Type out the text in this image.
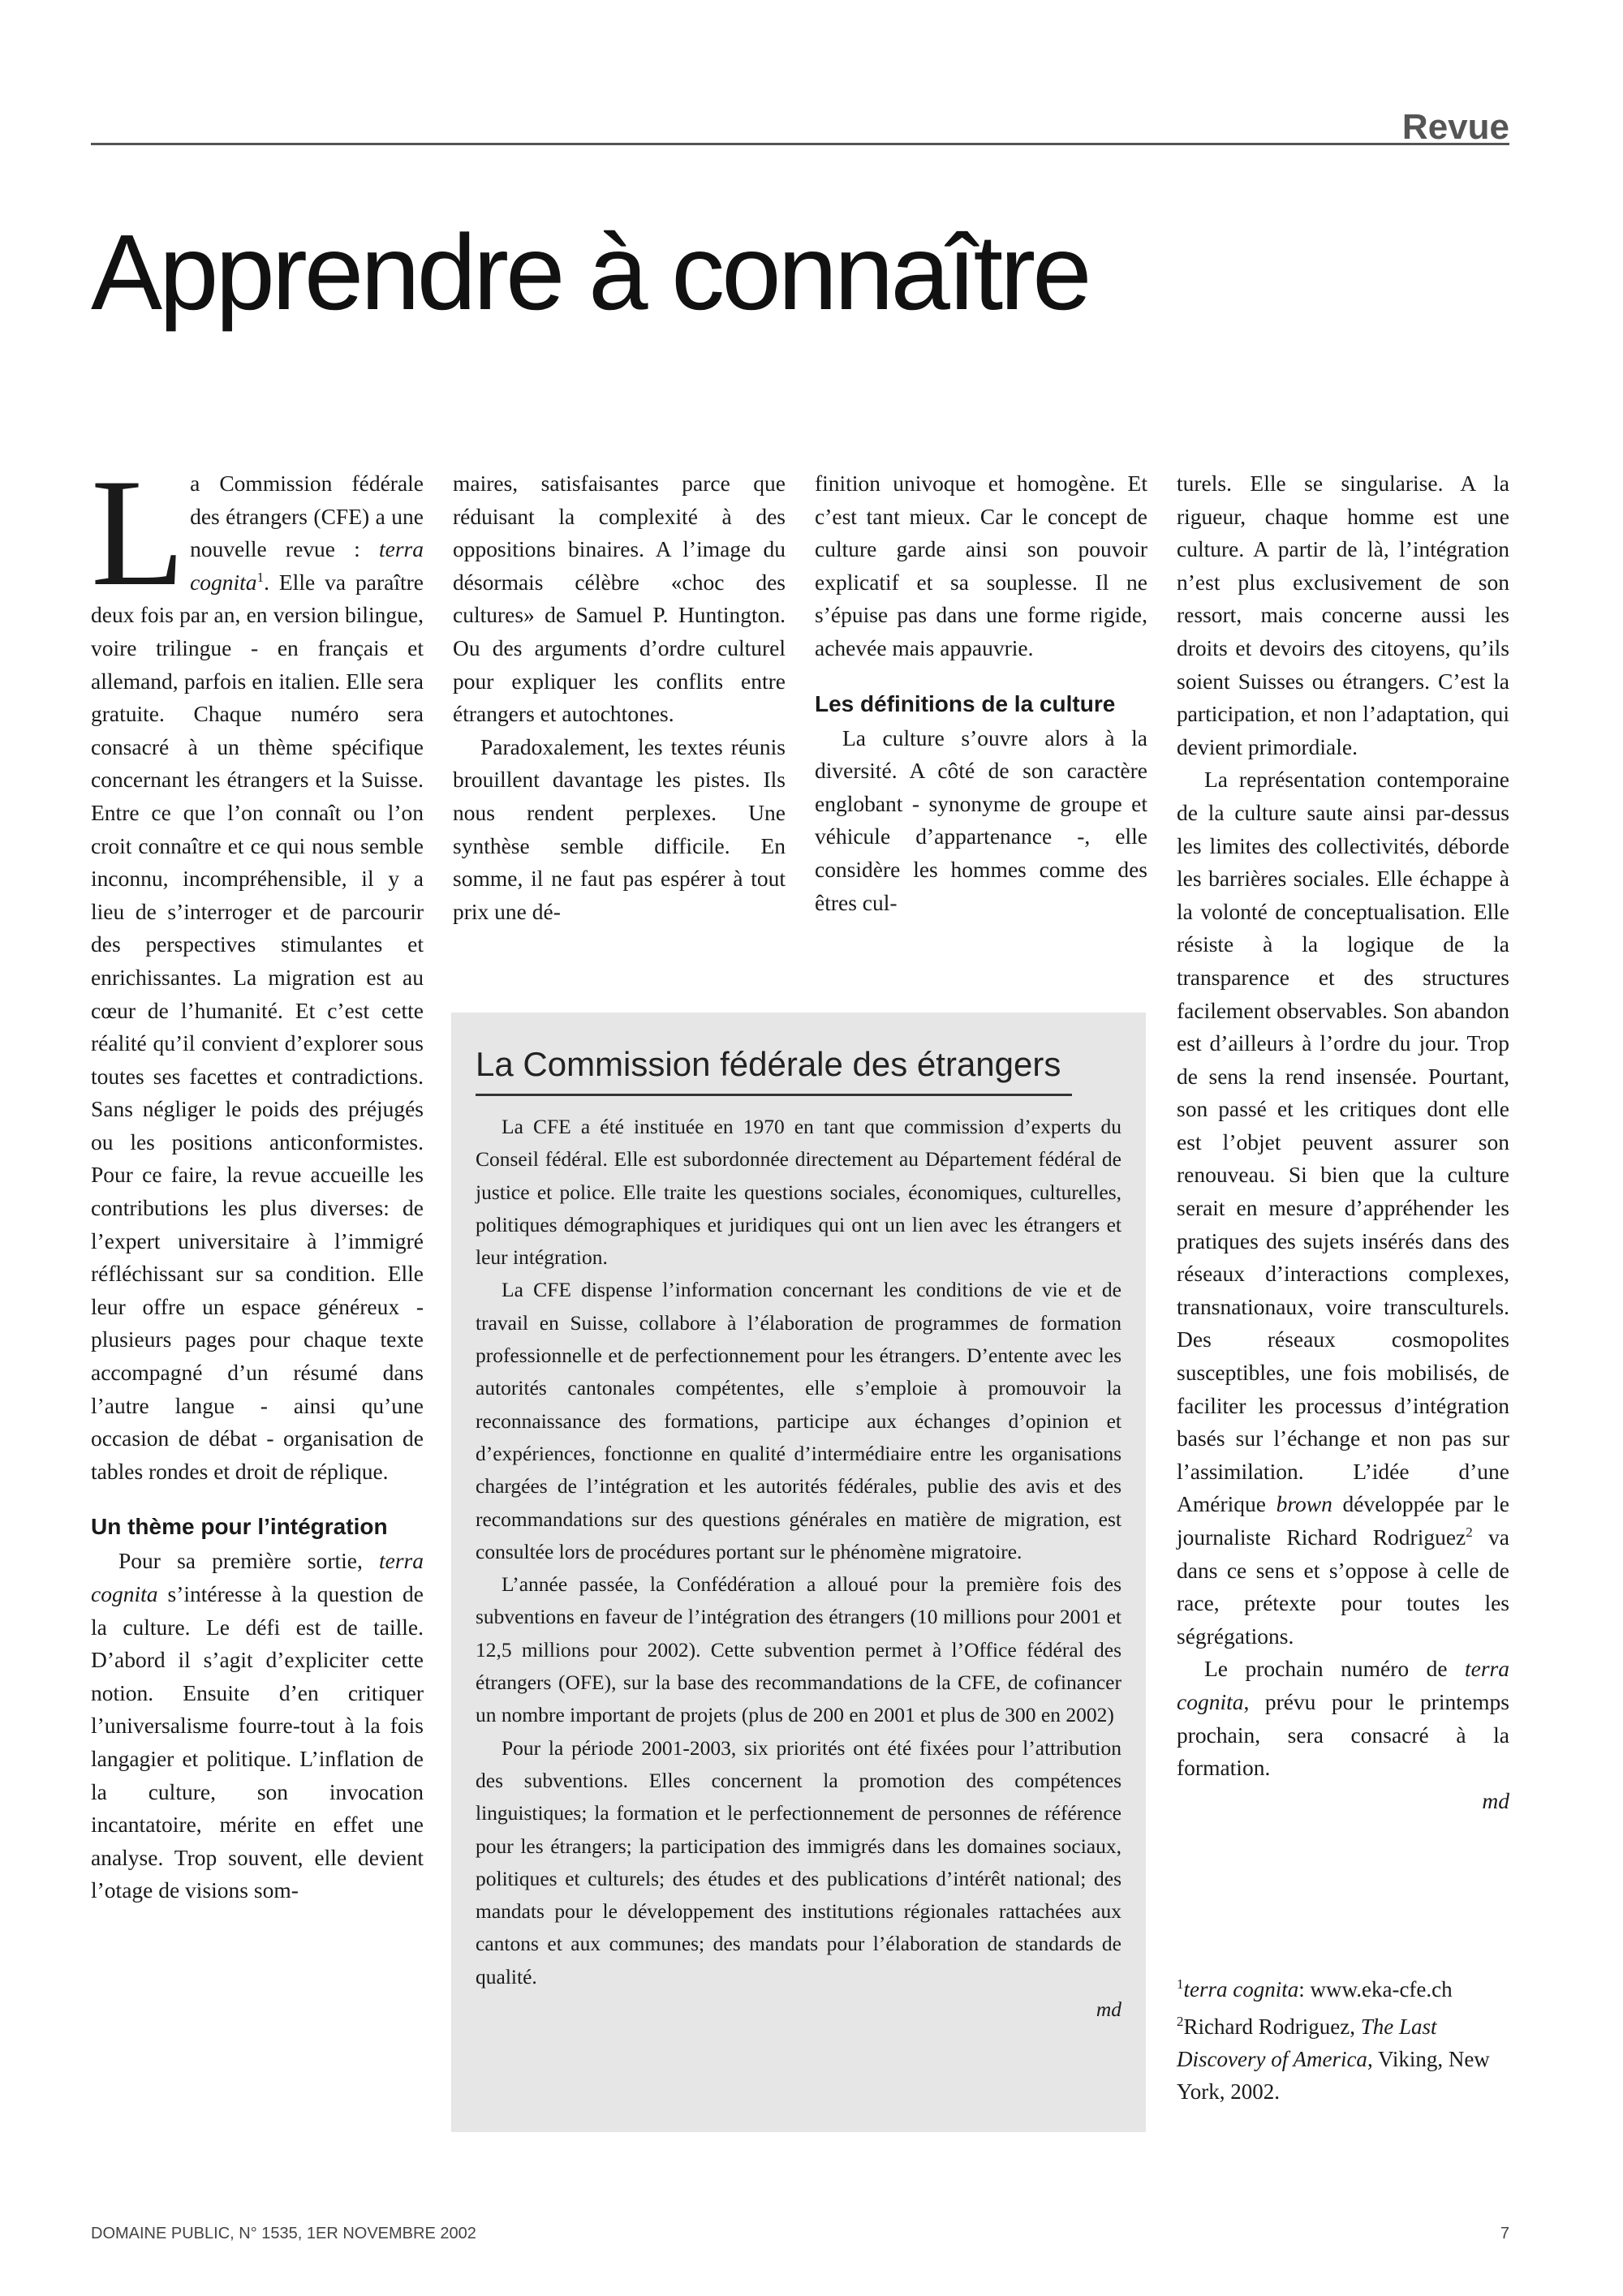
Revue
Apprendre à connaître

La Commission fédérale des étrangers (CFE) a une nouvelle revue : terra cognita$^1$. Elle va paraître deux fois par an, en version bilingue, voire trilingue - en français et allemand, parfois en italien. Elle sera gratuite. Chaque numéro sera consacré à un thème spécifique concernant les étrangers et la Suisse. Entre ce que l’on connaît ou l’on croit connaître et ce qui nous semble inconnu, incompréhensible, il y a lieu de s’interroger et de parcourir des perspectives stimulantes et enrichissantes. La migration est au cœur de l’humanité. Et c’est cette réalité qu’il convient d’explorer sous toutes ses facettes et contradictions. Sans négliger le poids des préjugés ou les positions anticonformistes. Pour ce faire, la revue accueille les contributions les plus diverses: de l’expert universitaire à l’immigré réfléchissant sur sa condition. Elle leur offre un espace généreux - plusieurs pages pour chaque texte accompagné d’un résumé dans l’autre langue - ainsi qu’une occasion de débat - organisation de tables rondes et droit de réplique.

Un thème pour l’intégration

Pour sa première sortie, terra cognita s’intéresse à la question de la culture. Le défi est de taille. D’abord il s’agit d’expliciter cette notion. Ensuite d’en critiquer l’universalisme fourre-tout à la fois langagier et politique. L’inflation de la culture, son invocation incantatoire, mérite en effet une analyse. Trop souvent, elle devient l’otage de visions som-

maires, satisfaisantes parce que réduisant la complexité à des oppositions binaires. A l’image du désormais célèbre «choc des cultures» de Samuel P. Huntington. Ou des arguments d’ordre culturel pour expliquer les conflits entre étrangers et autochtones.

Paradoxalement, les textes réunis brouillent davantage les pistes. Ils nous rendent perplexes. Une synthèse semble difficile. En somme, il ne faut pas espérer à tout prix une dé-

finition univoque et homogène. Et c’est tant mieux. Car le concept de culture garde ainsi son pouvoir explicatif et sa souplesse. Il ne s’épuise pas dans une forme rigide, achevée mais appauvrie.

Les définitions de la culture

La culture s’ouvre alors à la diversité. A côté de son caractère englobant - synonyme de groupe et véhicule d’appartenance -, elle considère les hommes comme des êtres cul-

turels. Elle se singularise. A la rigueur, chaque homme est une culture. A partir de là, l’intégration n’est plus exclusivement de son ressort, mais concerne aussi les droits et devoirs des citoyens, qu’ils soient Suisses ou étrangers. C’est la participation, et non l’adaptation, qui devient primordiale.

La représentation contemporaine de la culture saute ainsi par-dessus les limites des collectivités, déborde les barrières sociales. Elle échappe à la volonté de conceptualisation. Elle résiste à la logique de la transparence et des structures facilement observables. Son abandon est d’ailleurs à l’ordre du jour. Trop de sens la rend insensée. Pourtant, son passé et les critiques dont elle est l’objet peuvent assurer son renouveau. Si bien que la culture serait en mesure d’appréhender les pratiques des sujets insérés dans des réseaux d’interactions complexes, transnationaux, voire transculturels. Des réseaux cosmopolites susceptibles, une fois mobilisés, de faciliter les processus d’intégration basés sur l’échange et non pas sur l’assimilation. L’idée d’une Amérique brown développée par le journaliste Richard Rodriguez$^2$ va dans ce sens et s’oppose à celle de race, prétexte pour toutes les ségrégations.

Le prochain numéro de terra cognita, prévu pour le printemps prochain, sera consacré à la formation.

md

La Commission fédérale des étrangers

La CFE a été instituée en 1970 en tant que commission d’experts du Conseil fédéral. Elle est subordonnée directement au Département fédéral de justice et police. Elle traite les questions sociales, économiques, culturelles, politiques démographiques et juridiques qui ont un lien avec les étrangers et leur intégration.

La CFE dispense l’information concernant les conditions de vie et de travail en Suisse, collabore à l’élaboration de programmes de formation professionnelle et de perfectionnement pour les étrangers. D’entente avec les autorités cantonales compétentes, elle s’emploie à promouvoir la reconnaissance des formations, participe aux échanges d’opinion et d’expériences, fonctionne en qualité d’intermédiaire entre les organisations chargées de l’intégration et les autorités fédérales, publie des avis et des recommandations sur des questions générales en matière de migration, est consultée lors de procédures portant sur le phénomène migratoire.

L’année passée, la Confédération a alloué pour la première fois des subventions en faveur de l’intégration des étrangers (10 millions pour 2001 et 12,5 millions pour 2002). Cette subvention permet à l’Office fédéral des étrangers (OFE), sur la base des recommandations de la CFE, de cofinancer un nombre important de projets (plus de 200 en 2001 et plus de 300 en 2002)

Pour la période 2001-2003, six priorités ont été fixées pour l’attribution des subventions. Elles concernent la promotion des compétences linguistiques; la formation et le perfectionnement de personnes de référence pour les étrangers; la participation des immigrés dans les domaines sociaux, politiques et culturels; des études et des publications d’intérêt national; des mandats pour le développement des institutions régionales rattachées aux cantons et aux communes; des mandats pour l’élaboration de standards de qualité.

md

$^1$terra cognita: www.eka-cfe.ch

$^2$Richard Rodriguez, The Last Discovery of America, Viking, New York, 2002.

DOMAINE PUBLIC, N° 1535, 1ER NOVEMBRE 2002	7
